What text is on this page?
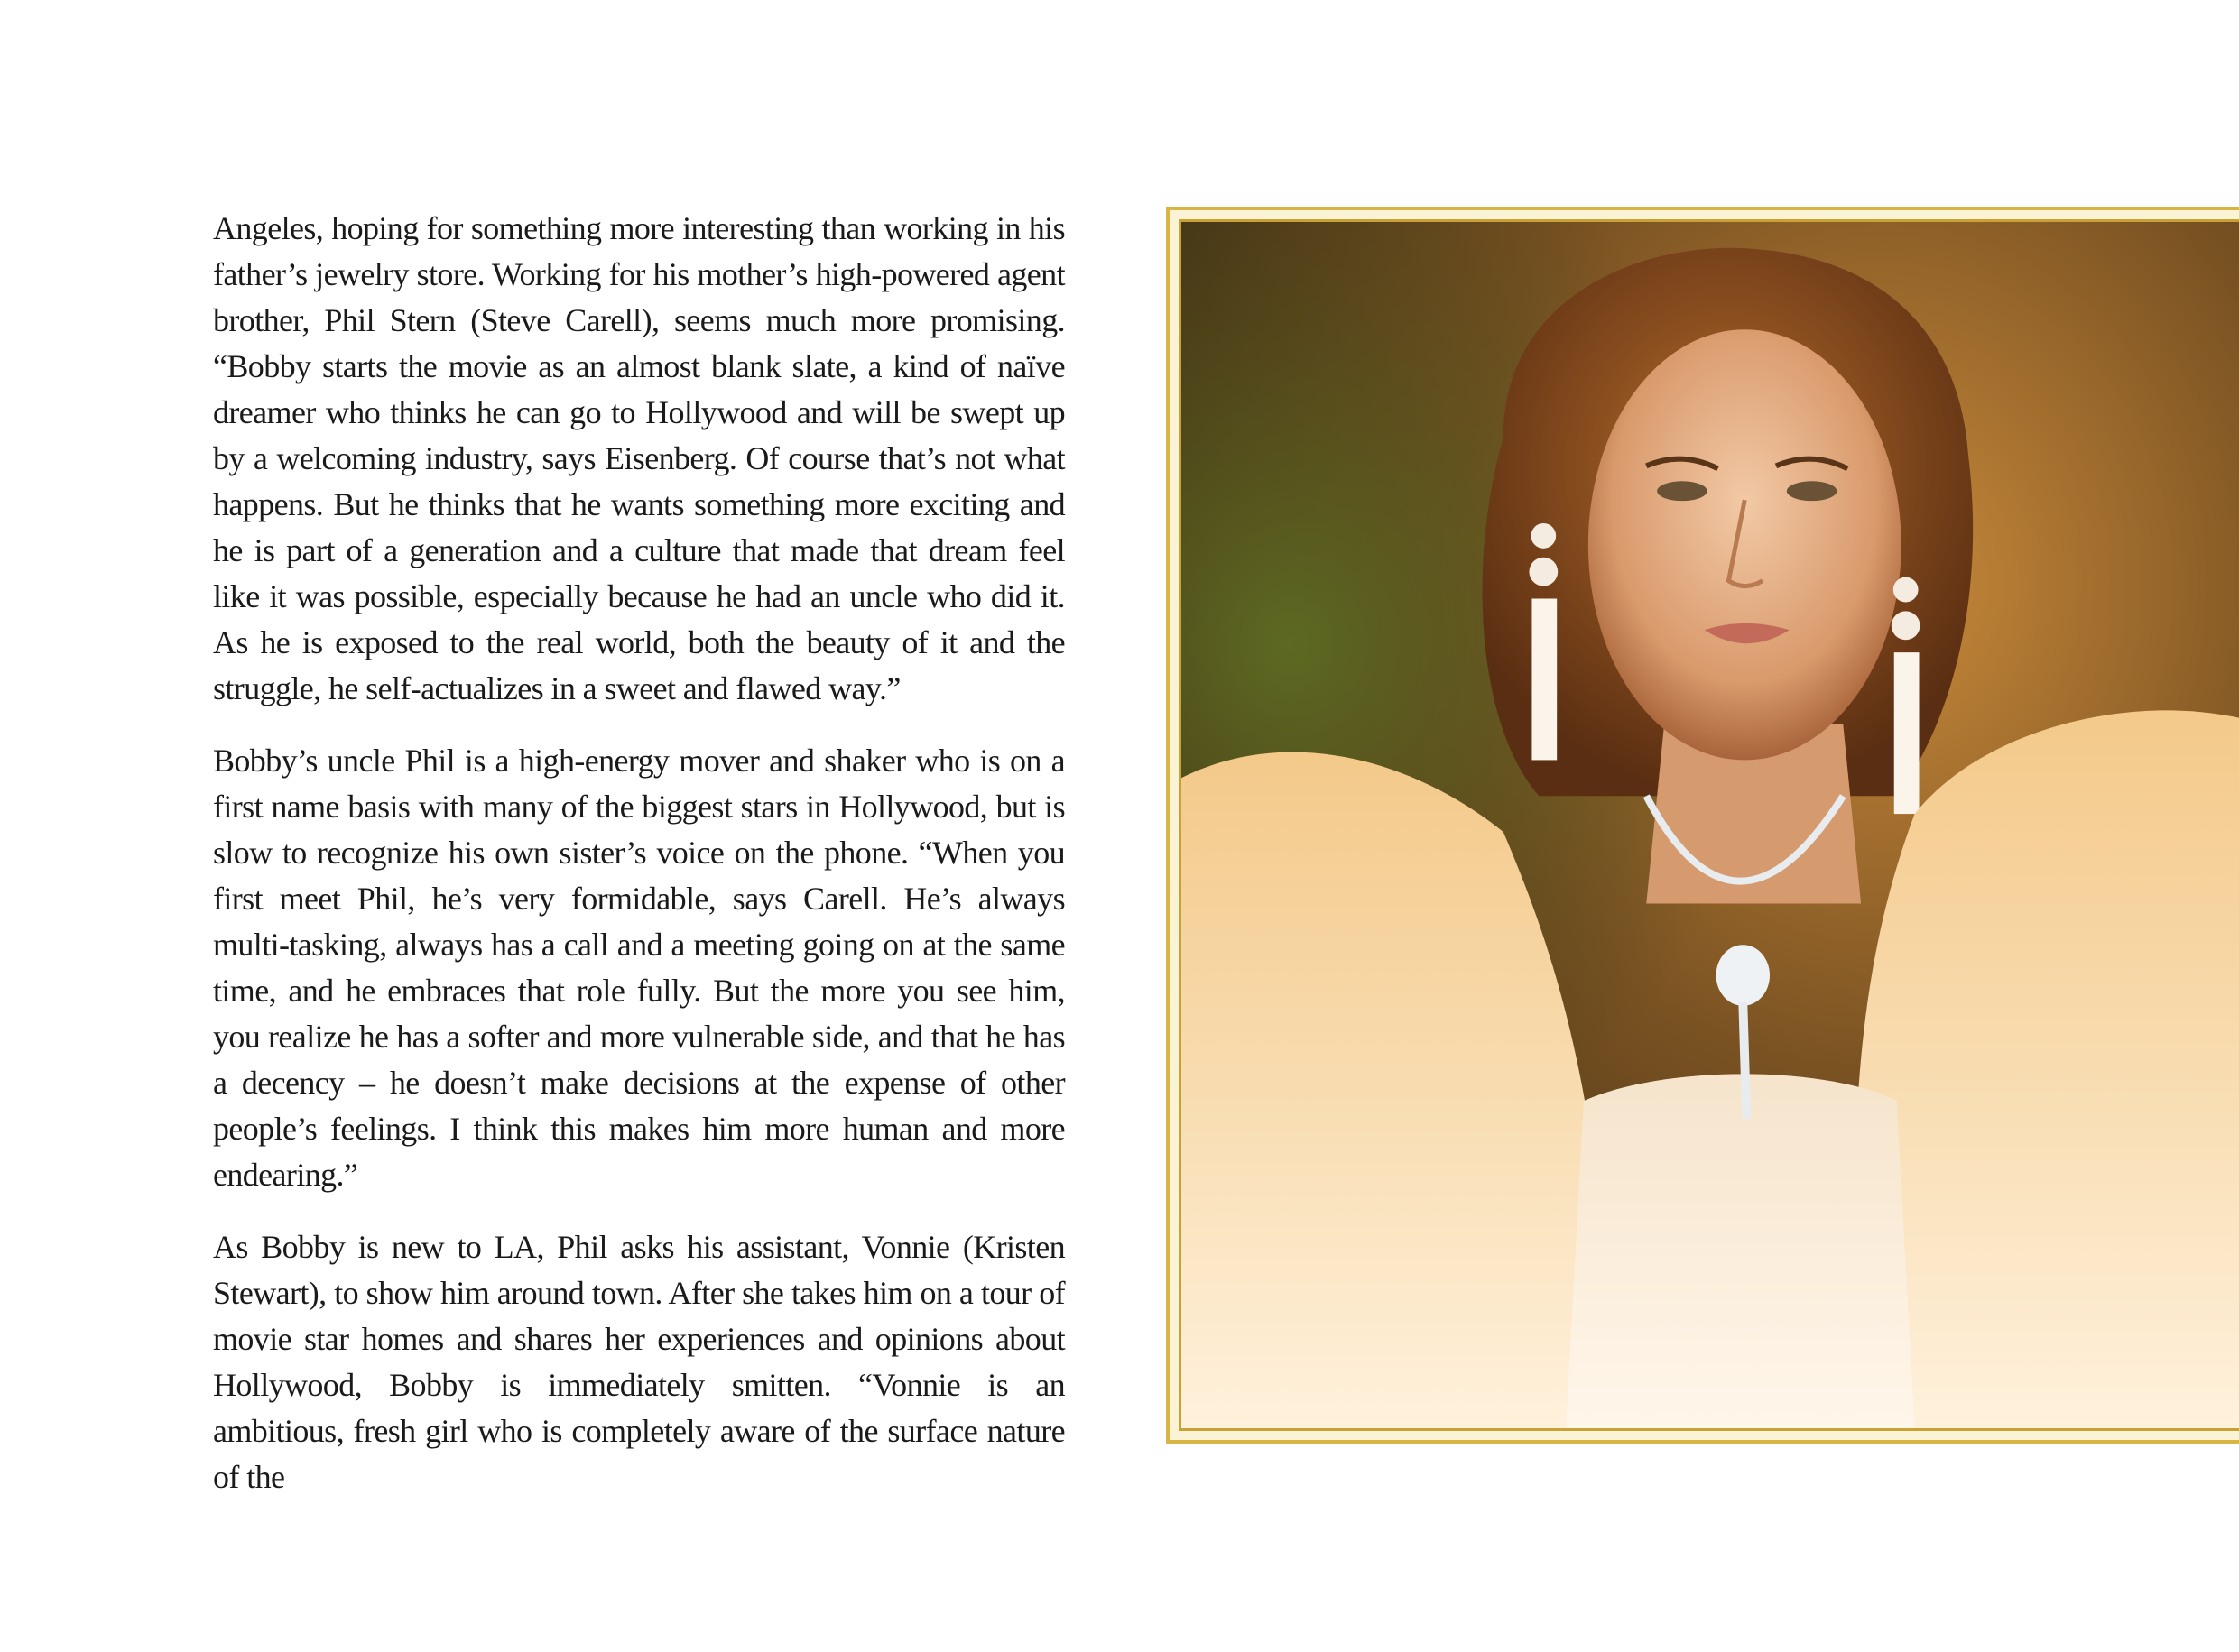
Angeles, hoping for something more interesting than working in his father’s jewelry store. Working for his mother’s high-powered agent brother, Phil Stern (Steve Carell), seems much more promising. “Bobby starts the movie as an almost blank slate, a kind of naïve dreamer who thinks he can go to Hollywood and will be swept up by a welcoming industry, says Eisenberg. Of course that’s not what happens. But he thinks that he wants something more exciting and he is part of a generation and a culture that made that dream feel like it was possible, especially because he had an uncle who did it. As he is exposed to the real world, both the beauty of it and the struggle, he self-actualizes in a sweet and flawed way.”

Bobby’s uncle Phil is a high-energy mover and shaker who is on a first name basis with many of the biggest stars in Hollywood, but is slow to recognize his own sister’s voice on the phone. “When you first meet Phil, he’s very formidable, says Carell. He’s always multi-tasking, always has a call and a meeting going on at the same time, and he embraces that role fully. But the more you see him, you realize he has a softer and more vulnerable side, and that he has a decency – he doesn’t make decisions at the expense of other people’s feelings. I think this makes him more human and more endearing.”

As Bobby is new to LA, Phil asks his assistant, Vonnie (Kristen Stewart), to show him around town. After she takes him on a tour of movie star homes and shares her experiences and opinions about Hollywood, Bobby is immediately smitten. “Vonnie is an ambitious, fresh girl who is completely aware of the surface nature of the
